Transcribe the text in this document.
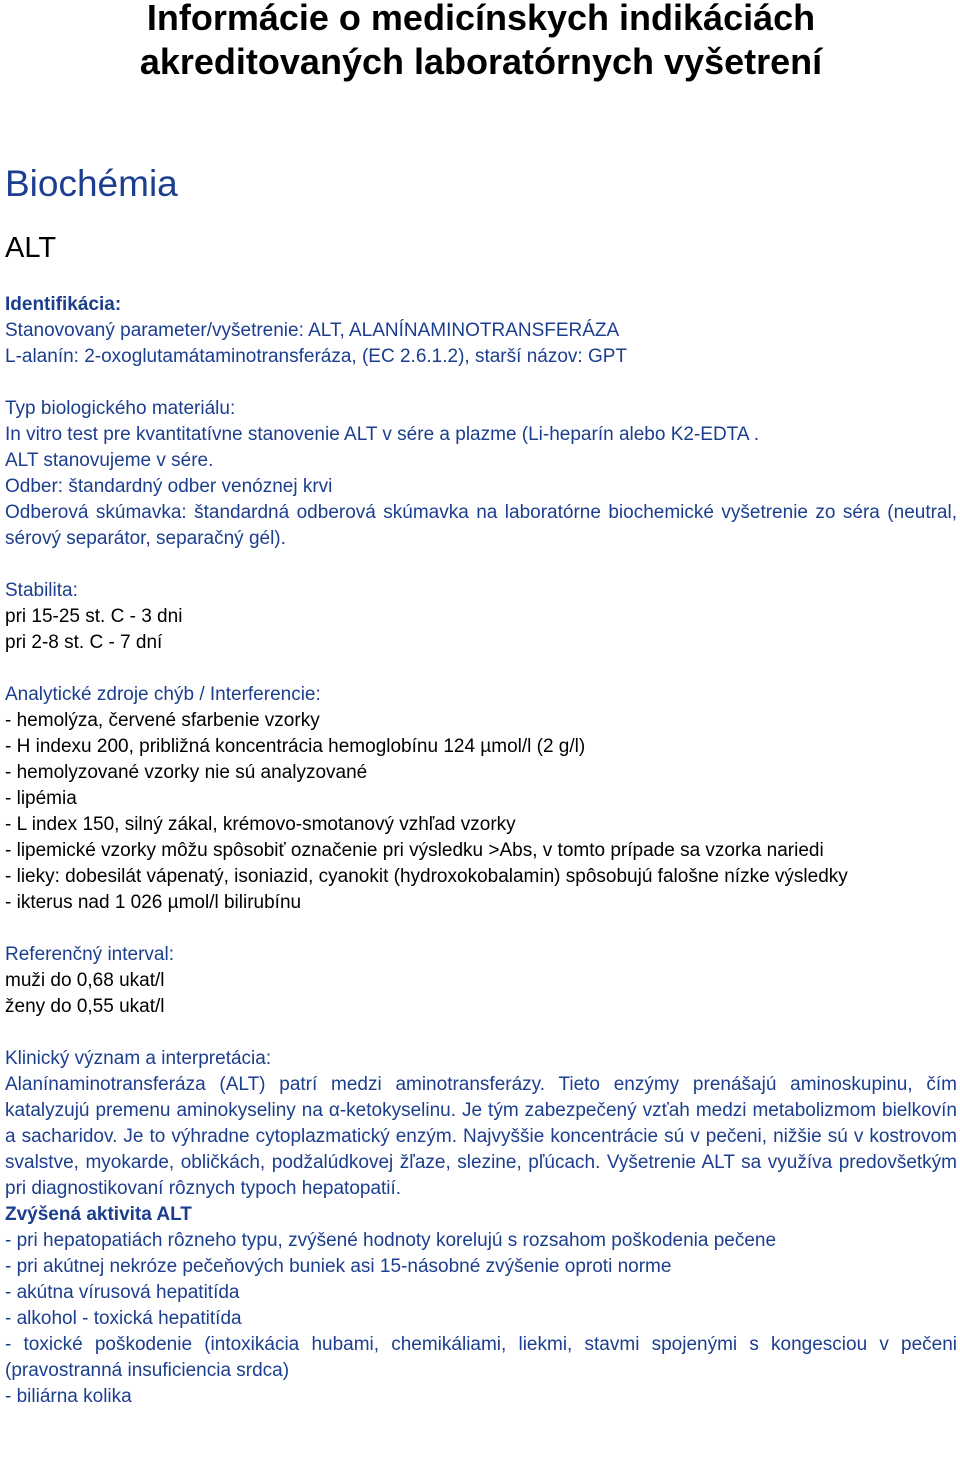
Informácie o medicínskych indikáciách
akreditovaných laboratórnych vyšetrení
Biochémia
ALT
Identifikácia:
Stanovovaný parameter/vyšetrenie: ALT, ALANÍNAMINOTRANSFERÁZA
L-alanín: 2-oxoglutamátaminotransferáza, (EC 2.6.1.2), starší názov: GPT
Typ biologického materiálu:
In vitro test pre kvantitatívne stanovenie ALT v sére a plazme (Li-heparín alebo K2-EDTA .
ALT stanovujeme v sére.
Odber: štandardný odber venóznej krvi
Odberová skúmavka: štandardná odberová skúmavka na laboratórne biochemické vyšetrenie zo séra (neutral, sérový separátor, separačný gél).
Stabilita:
pri 15-25 st. C - 3 dni
pri 2-8 st. C - 7 dní
Analytické zdroje chýb / Interferencie:
- hemolýza, červené sfarbenie vzorky
- H indexu 200, približná koncentrácia hemoglobínu 124 µmol/l (2 g/l)
- hemolyzované vzorky nie sú analyzované
- lipémia
- L index 150, silný zákal, krémovo-smotanový vzhľad vzorky
- lipemické vzorky môžu spôsobiť označenie pri výsledku >Abs, v tomto prípade sa vzorka nariedi
- lieky: dobesilát vápenatý, isoniazid, cyanokit (hydroxokobalamin) spôsobujú falošne nízke výsledky
- ikterus nad 1 026 µmol/l bilirubínu
Referenčný interval:
muži do 0,68 ukat/l
ženy do 0,55 ukat/l
Klinický význam a interpretácia:
Alanínaminotransferáza (ALT) patrí medzi aminotransferázy. Tieto enzýmy prenášajú aminoskupinu, čím katalyzujú premenu aminokyseliny na α-ketokyselinu. Je tým zabezpečený vzťah medzi metabolizmom bielkovín a sacharidov. Je to výhradne cytoplazmatický enzým. Najvyššie koncentrácie sú v pečeni, nižšie sú v kostrovom svalstve, myokarde, obličkách, podžalúdkovej žľaze, slezine, pľúcach. Vyšetrenie ALT sa využíva predovšetkým pri diagnostikovaní rôznych typoch hepatopatií.
Zvýšená aktivita ALT
- pri hepatopatiách rôzneho typu, zvýšené hodnoty korelujú s rozsahom poškodenia pečene
- pri akútnej nekróze pečeňových buniek asi 15-násobné zvýšenie oproti norme
- akútna vírusová hepatitída
- alkohol - toxická hepatitída
- toxické poškodenie (intoxikácia hubami, chemikáliami, liekmi, stavmi spojenými s kongesciou v pečeni (pravostranná insuficiencia srdca)
- biliárna kolika
